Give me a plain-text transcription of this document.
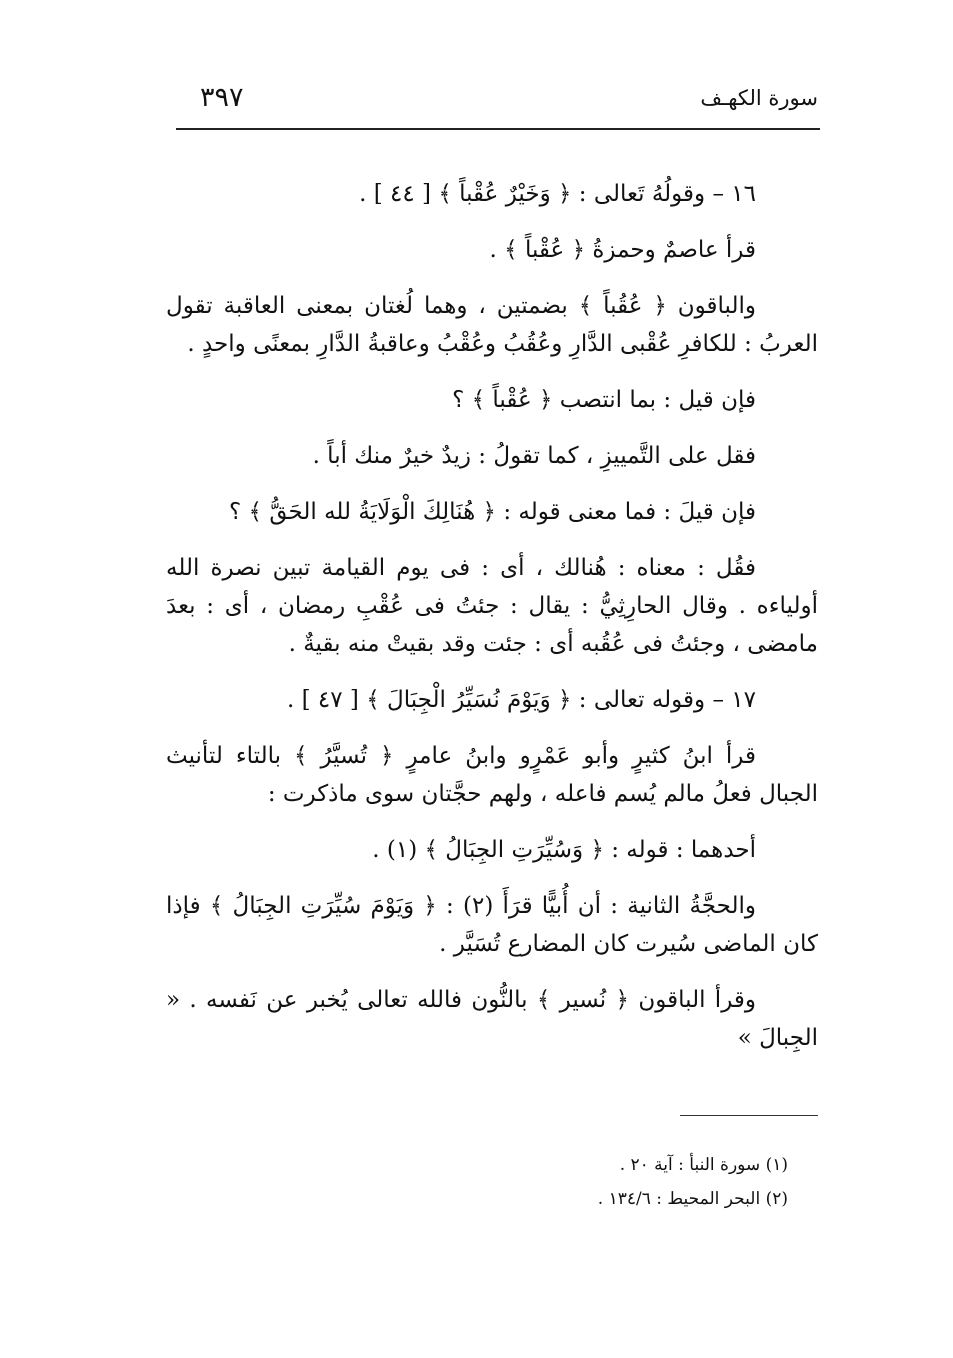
٣٩٧	سورة الكهـف

١٦ – وقولُهُ تَعالى : ﴿ وَخَيْرٌ عُقْباً ﴾ [ ٤٤ ] .

قرأ عاصمٌ وحمزةُ ﴿ عُقْباً ﴾ .

والباقون ﴿ عُقُباً ﴾ بضمتين ، وهما لُغتان بمعنى العاقبة تقول العربُ : للكافرِ عُقْبى الدَّارِ وعُقُبُ وعُقْبُ وعاقبةُ الدَّارِ بمعنًى واحدٍ .

فإن قيل : بما انتصب ﴿ عُقْباً ﴾ ؟

فقل على التَّمييزِ ، كما تقولُ : زيدٌ خيرٌ منك أباً .

فإن قيلَ : فما معنى قوله : ﴿ هُنَالِكَ الْوَلَايَةُ لله الحَقُّ ﴾ ؟

فقُل : معناه : هُنالك ، أى : فى يوم القيامة تبين نصرة الله أولياءه . وقال الحارِثِيُّ : يقال : جئتُ فى عُقْبِ رمضان ، أى : بعدَ مامضى ، وجئتُ فى عُقُبه أى : جئت وقد بقيتْ منه بقيةٌ .

١٧ – وقوله تعالى : ﴿ وَيَوْمَ نُسَيِّرُ الْجِبَالَ ﴾ [ ٤٧ ] .

قرأ ابنُ كثيرٍ وأبو عَمْرٍو وابنُ عامرٍ ﴿ تُسيَّرُ ﴾ بالتاء لتأنيث الجبال فعلُ مالم يُسم فاعله ، ولهم حجَّتان سوى ماذكرت :

أحدهما : قوله : ﴿ وَسُيِّرَتِ الجِبَالُ ﴾ (١) .

والحجَّةُ الثانية : أن أُبيًّا قرَأَ (٢) : ﴿ وَيَوْمَ سُيِّرَتِ الجِبَالُ ﴾ فإذا كان الماضى سُيرت كان المضارع تُسَيَّر .

وقرأ الباقون ﴿ نُسير ﴾ بالنُّون فالله تعالى يُخبر عن نَفسه . « الجِبالَ »

(١) سورة النبأ : آية ٢٠ .

(٢) البحر المحيط : ١٣٤/٦ .
